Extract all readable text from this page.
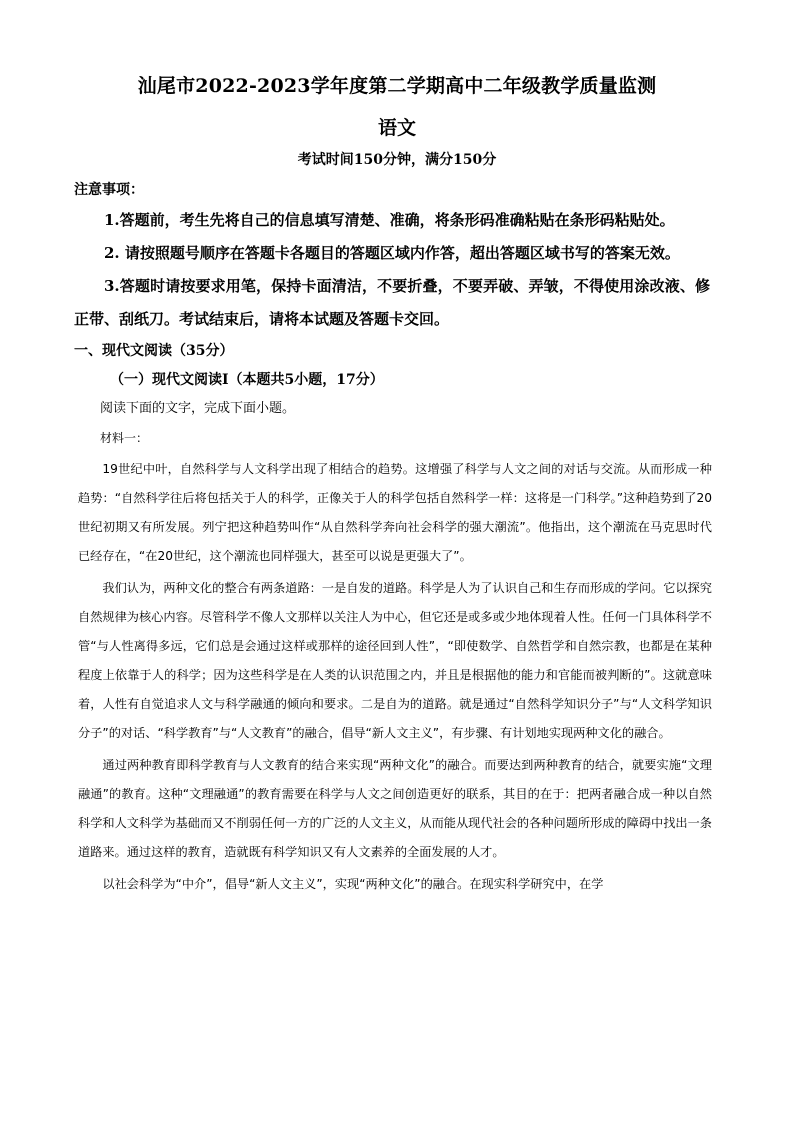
汕尾市2022-2023学年度第二学期高中二年级教学质量监测
语文
考试时间150分钟，满分150分
注意事项：

1.答题前，考生先将自己的信息填写清楚、准确，将条形码准确粘贴在条形码粘贴处。

2. 请按照题号顺序在答题卡各题目的答题区域内作答，超出答题区域书写的答案无效。

3.答题时请按要求用笔，保持卡面清洁，不要折叠，不要弄破、弄皱，不得使用涂改液、修正带、刮纸刀。考试结束后，请将本试题及答题卡交回。

一、现代文阅读（35分）
（一）现代文阅读Ⅰ（本题共5小题，17分）
阅读下面的文字，完成下面小题。
材料一：

19世纪中叶，自然科学与人文科学出现了相结合的趋势。这增强了科学与人文之间的对话与交流。从而形成一种趋势：“自然科学往后将包括关于人的科学，正像关于人的科学包括自然科学一样：这将是一门科学。”这种趋势到了20世纪初期又有所发展。列宁把这种趋势叫作“从自然科学奔向社会科学的强大潮流”。他指出，这个潮流在马克思时代已经存在，“在20世纪，这个潮流也同样强大，甚至可以说是更强大了”。

我们认为，两种文化的整合有两条道路：一是自发的道路。科学是人为了认识自己和生存而形成的学问。它以探究自然规律为核心内容。尽管科学不像人文那样以关注人为中心，但它还是或多或少地体现着人性。任何一门具体科学不管“与人性离得多远，它们总是会通过这样或那样的途径回到人性”，“即使数学、自然哲学和自然宗教，也都是在某种程度上依靠于人的科学；因为这些科学是在人类的认识范围之内，并且是根据他的能力和官能而被判断的”。这就意味着，人性有自觉追求人文与科学融通的倾向和要求。二是自为的道路。就是通过“自然科学知识分子”与“人文科学知识分子”的对话、“科学教育”与“人文教育”的融合，倡导“新人文主义”，有步骤、有计划地实现两种文化的融合。

通过两种教育即科学教育与人文教育的结合来实现“两种文化”的融合。而要达到两种教育的结合，就要实施“文理融通”的教育。这种“文理融通”的教育需要在科学与人文之间创造更好的联系，其目的在于：把两者融合成一种以自然科学和人文科学为基础而又不削弱任何一方的广泛的人文主义，从而能从现代社会的各种问题所形成的障碍中找出一条道路来。通过这样的教育，造就既有科学知识又有人文素养的全面发展的人才。

以社会科学为“中介”，倡导“新人文主义”，实现“两种文化”的融合。在现实科学研究中，在学
